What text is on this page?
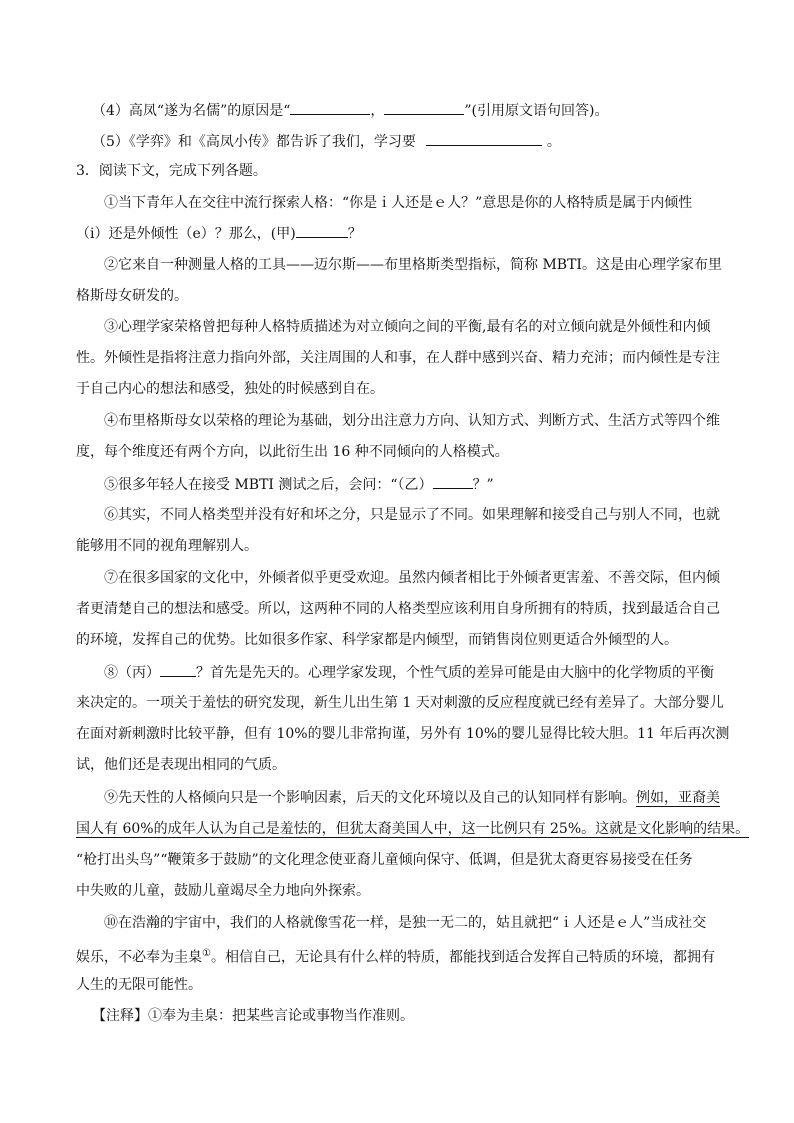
（4）高凤“遂为名儒”的原因是“	，	”(引用原文语句回答)。
（5）《学弈》和《高凤小传》都告诉了我们，学习要	。
3．阅读下文，完成下列各题。
①当下青年人在交往中流行探索人格：“你是ｉ人还是ｅ人？”意思是你的人格特质是属于内倾性
（i）还是外倾性（e）？那么，(甲)	？
②它来自一种测量人格的工具——迈尔斯——布里格斯类型指标，简称 MBTI。这是由心理学家布里
格斯母女研发的。
③心理学家荣格曾把每种人格特质描述为对立倾向之间的平衡,最有名的对立倾向就是外倾性和内倾
性。外倾性是指将注意力指向外部，关注周围的人和事，在人群中感到兴奋、精力充沛；而内倾性是专注
于自己内心的想法和感受，独处的时候感到自在。
④布里格斯母女以荣格的理论为基础，划分出注意力方向、认知方式、判断方式、生活方式等四个维
度，每个维度还有两个方向，以此衍生出 16 种不同倾向的人格模式。
⑤很多年轻人在接受 MBTI 测试之后，会问：“（乙）	？”
⑥其实，不同人格类型并没有好和坏之分，只是显示了不同。如果理解和接受自己与别人不同，也就
能够用不同的视角理解别人。
⑦在很多国家的文化中，外倾者似乎更受欢迎。虽然内倾者相比于外倾者更害羞、不善交际，但内倾
者更清楚自己的想法和感受。所以，这两种不同的人格类型应该利用自身所拥有的特质，找到最适合自己
的环境，发挥自己的优势。比如很多作家、科学家都是内倾型，而销售岗位则更适合外倾型的人。
⑧（丙）	？首先是先天的。心理学家发现，个性气质的差异可能是由大脑中的化学物质的平衡
来决定的。一项关于羞怯的研究发现，新生儿出生第 1 天对刺激的反应程度就已经有差异了。大部分婴儿
在面对新刺激时比较平静，但有 10%的婴儿非常拘谨，另外有 10%的婴儿显得比较大胆。11 年后再次测
试，他们还是表现出相同的气质。
⑨先天性的人格倾向只是一个影响因素，后天的文化环境以及自己的认知同样有影响。例如，亚裔美
国人有 60%的成年人认为自己是羞怯的，但犹太裔美国人中，这一比例只有 25%。这就是文化影响的结果。
“枪打出头鸟”“鞭策多于鼓励”的文化理念使亚裔儿童倾向保守、低调，但是犹太裔更容易接受在任务
中失败的儿童，鼓励儿童竭尽全力地向外探索。
⑩在浩瀚的宇宙中，我们的人格就像雪花一样，是独一无二的，姑且就把“ｉ人还是ｅ人”当成社交
娱乐，不必奉为圭臬①。相信自己，无论具有什么样的特质，都能找到适合发挥自己特质的环境，都拥有
人生的无限可能性。
【注释】①奉为圭臬：把某些言论或事物当作准则。
